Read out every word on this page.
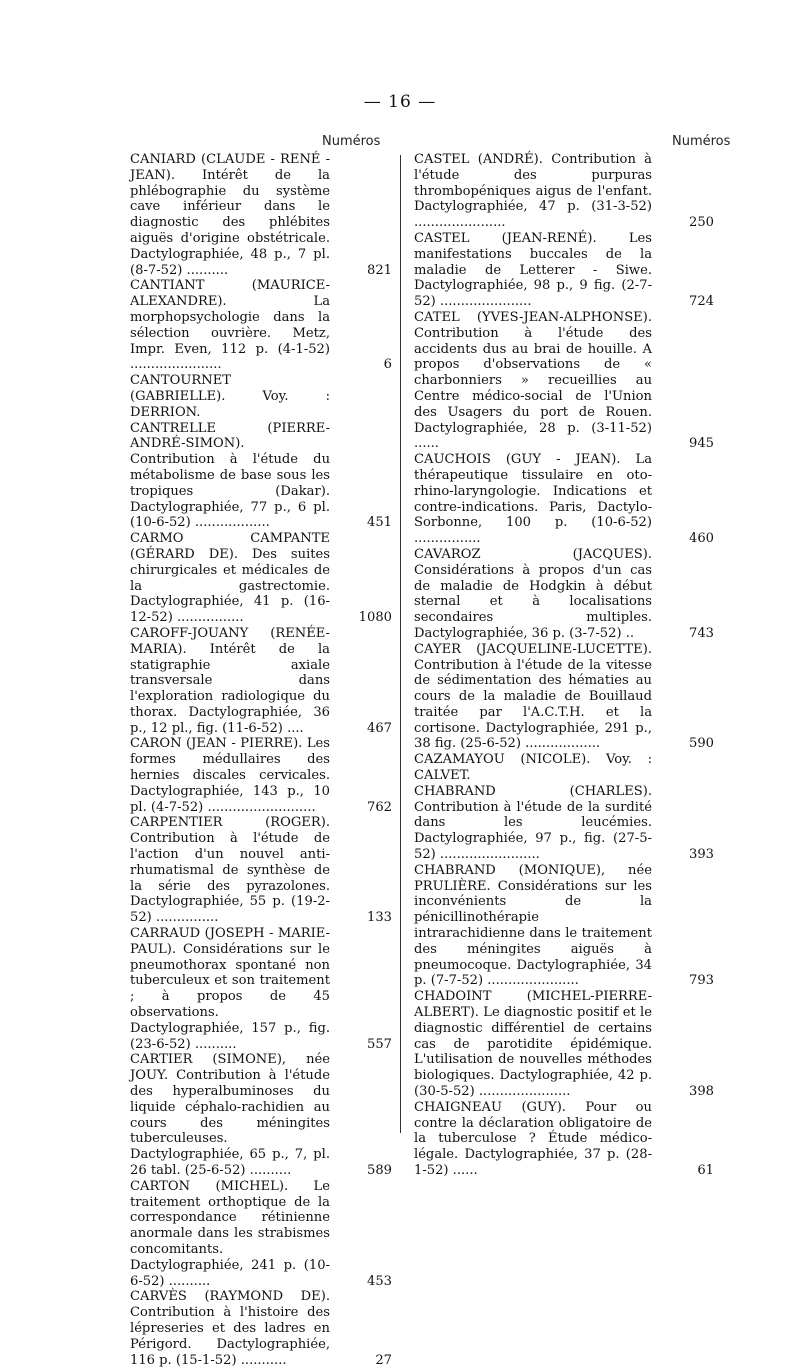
— 16 —
Numéros	Numéros
CANIARD (CLAUDE - RENÉ - JEAN). Intérêt de la phlébographie du système cave inférieur dans le diagnostic des phlébites aiguës d'origine obstétricale. Dactylographiée, 48 p., 7 pl. (8-7-52) ..........	821
CANTIANT (MAURICE-ALEXANDRE). La morphopsychologie dans la sélection ouvrière. Metz, Impr. Even, 112 p. (4-1-52) ......................	6
CANTOURNET (GABRIELLE). Voy. : DERRION.
CANTRELLE (PIERRE-ANDRÉ-SIMON). Contribution à l'étude du métabolisme de base sous les tropiques (Dakar). Dactylographiée, 77 p., 6 pl. (10-6-52) ..................	451
CARMO CAMPANTE (GÉRARD DE). Des suites chirurgicales et médicales de la gastrectomie. Dactylographiée, 41 p. (16-12-52) ................	1080
CAROFF-JOUANY (RENÉE-MARIA). Intérêt de la statigraphie axiale transversale dans l'exploration radiologique du thorax. Dactylographiée, 36 p., 12 pl., fig. (11-6-52) ....	467
CARON (JEAN - PIERRE). Les formes médullaires des hernies discales cervicales. Dactylographiée, 143 p., 10 pl. (4-7-52) ..........................	762
CARPENTIER (ROGER). Contribution à l'étude de l'action d'un nouvel anti-rhumatismal de synthèse de la série des pyrazolones. Dactylographiée, 55 p. (19-2-52) ...............	133
CARRAUD (JOSEPH - MARIE-PAUL). Considérations sur le pneumothorax spontané non tuberculeux et son traitement ; à propos de 45 observations. Dactylographiée, 157 p., fig. (23-6-52) ..........	557
CARTIER (SIMONE), née JOUY. Contribution à l'étude des hyperalbuminoses du liquide céphalo-rachidien au cours des méningites tuberculeuses. Dactylographiée, 65 p., 7, pl. 26 tabl. (25-6-52) ..........	589
CARTON (MICHEL). Le traitement orthoptique de la correspondance rétinienne anormale dans les strabismes concomitants. Dactylographiée, 241 p. (10-6-52) ..........	453
CARVÈS (RAYMOND DE). Contribution à l'histoire des lépreseries et des ladres en Périgord. Dactylographiée, 116 p. (15-1-52) ...........	27
CASTEL (ANDRÉ). Contribution à l'étude des purpuras thrombopéniques aigus de l'enfant. Dactylographiée, 47 p. (31-3-52) ......................	250
CASTEL (JEAN-RENÉ). Les manifestations buccales de la maladie de Letterer - Siwe. Dactylographiée, 98 p., 9 fig. (2-7-52) ......................	724
CATEL (YVES-JEAN-ALPHONSE). Contribution à l'étude des accidents dus au brai de houille. A propos d'observations de « charbonniers » recueillies au Centre médico-social de l'Union des Usagers du port de Rouen. Dactylographiée, 28 p. (3-11-52) ......	945
CAUCHOIS (GUY - JEAN). La thérapeutique tissulaire en oto-rhino-laryngologie. Indications et contre-indications. Paris, Dactylo-Sorbonne, 100 p. (10-6-52) ................	460
CAVAROZ (JACQUES). Considérations à propos d'un cas de maladie de Hodgkin à début sternal et à localisations secondaires multiples. Dactylographiée, 36 p. (3-7-52) ..	743
CAYER (JACQUELINE-LUCETTE). Contribution à l'étude de la vitesse de sédimentation des hématies au cours de la maladie de Bouillaud traitée par l'A.C.T.H. et la cortisone. Dactylographiée, 291 p., 38 fig. (25-6-52) ..................	590
CAZAMAYOU (NICOLE). Voy. : CALVET.
CHABRAND (CHARLES). Contribution à l'étude de la surdité dans les leucémies. Dactylographiée, 97 p., fig. (27-5-52) ........................	393
CHABRAND (MONIQUE), née PRULIÈRE. Considérations sur les inconvénients de la pénicillinothérapie intrarachidienne dans le traitement des méningites aiguës à pneumocoque. Dactylographiée, 34 p. (7-7-52) ......................	793
CHADOINT (MICHEL-PIERRE-ALBERT). Le diagnostic positif et le diagnostic différentiel de certains cas de parotidite épidémique. L'utilisation de nouvelles méthodes biologiques. Dactylographiée, 42 p. (30-5-52) ......................	398
CHAIGNEAU (GUY). Pour ou contre la déclaration obligatoire de la tuberculose ? Étude médico-légale. Dactylographiée, 37 p. (28-1-52) ......	61
